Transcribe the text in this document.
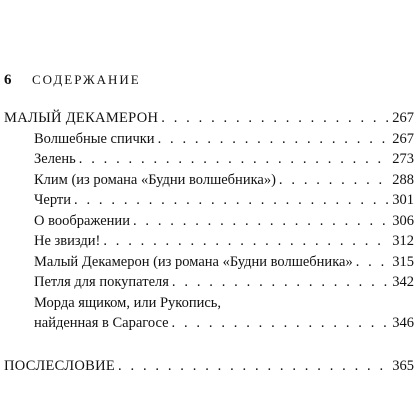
6	СОДЕРЖАНИЕ
МАЛЫЙ ДЕКАМЕРОН . . .	267
Волшебные спички . . .	267
Зелень . . .	273
Клим (из романа «Будни волшебника») . . .	288
Черти . . .	301
О воображении . . .	306
Не звизди! . . .	312
Малый Декамерон (из романа «Будни волшебника» . . .	315
Петля для покупателя . . .	342
Морда ящиком, или Рукопись,
найденная в Сарагосе . . .	346
ПОСЛЕСЛОВИЕ . . .	365
